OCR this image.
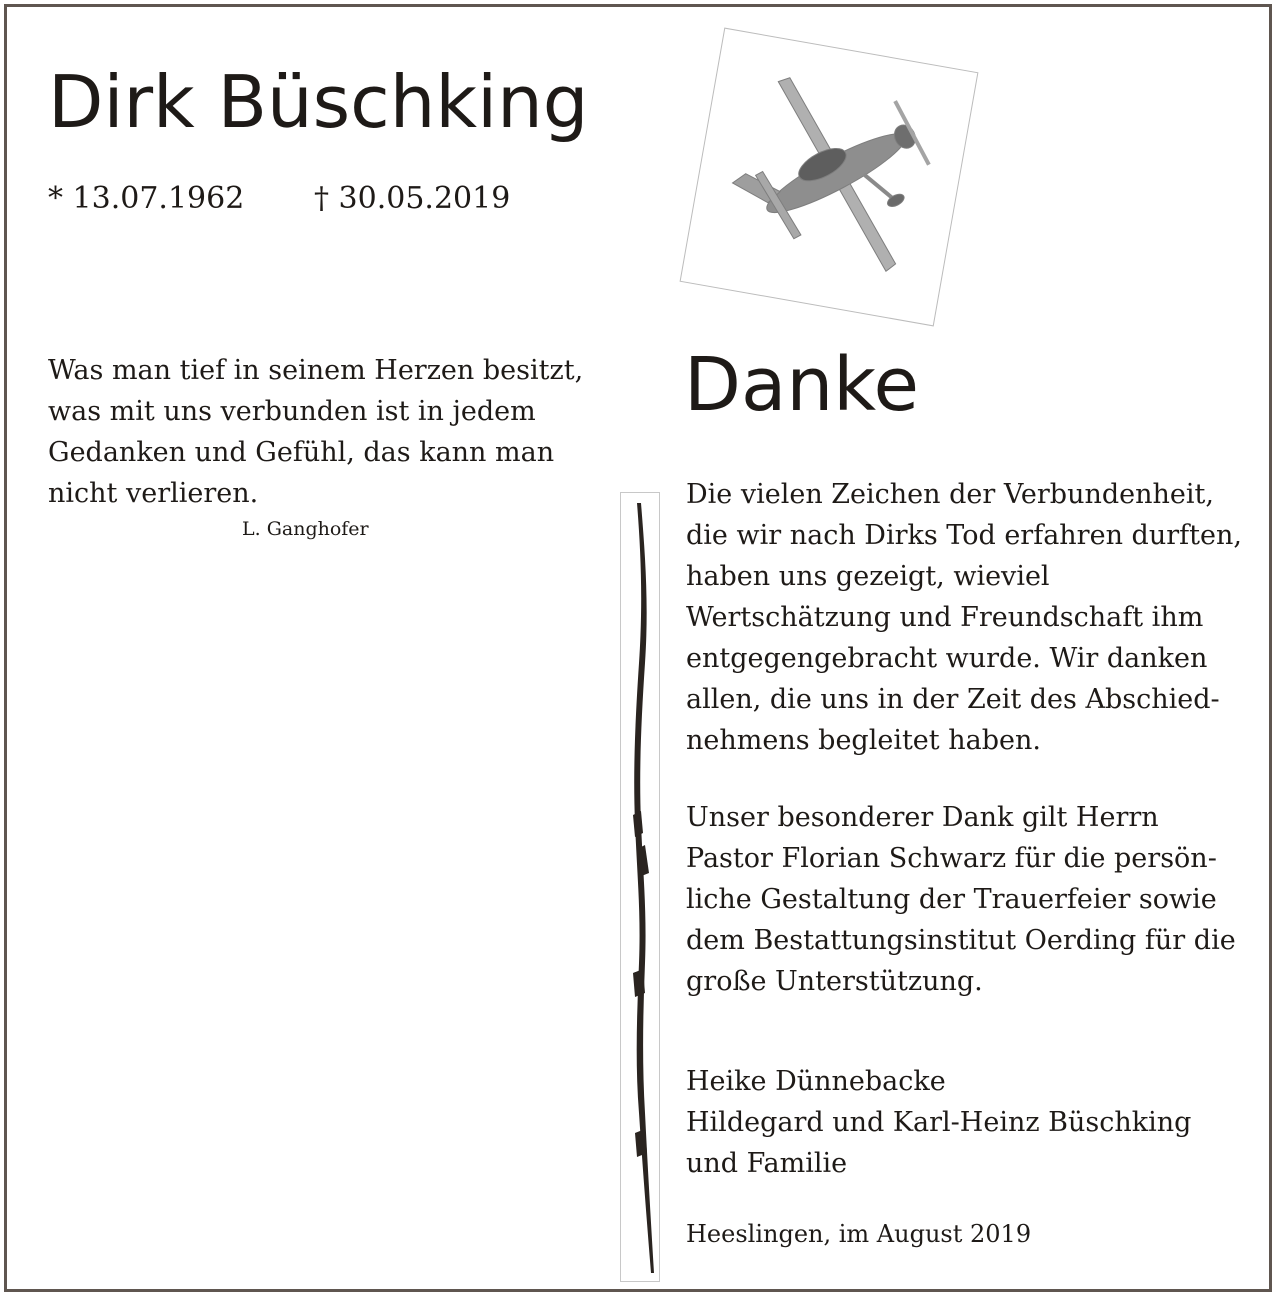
Dirk Büschking
* 13.07.1962 † 30.05.2019
Was man tief in seinem Herzen besitzt,
was mit uns verbunden ist in jedem
Gedanken und Gefühl, das kann man
nicht verlieren.
L. Ganghofer
Danke
Die vielen Zeichen der Verbundenheit,
die wir nach Dirks Tod erfahren durften,
haben uns gezeigt, wieviel
Wertschätzung und Freundschaft ihm
entgegengebracht wurde. Wir danken
allen, die uns in der Zeit des Abschied-
nehmens begleitet haben.
Unser besonderer Dank gilt Herrn
Pastor Florian Schwarz für die persön-
liche Gestaltung der Trauerfeier sowie
dem Bestattungsinstitut Oerding für die
große Unterstützung.
Heike Dünnebacke
Hildegard und Karl-Heinz Büschking
und Familie
Heeslingen, im August 2019
